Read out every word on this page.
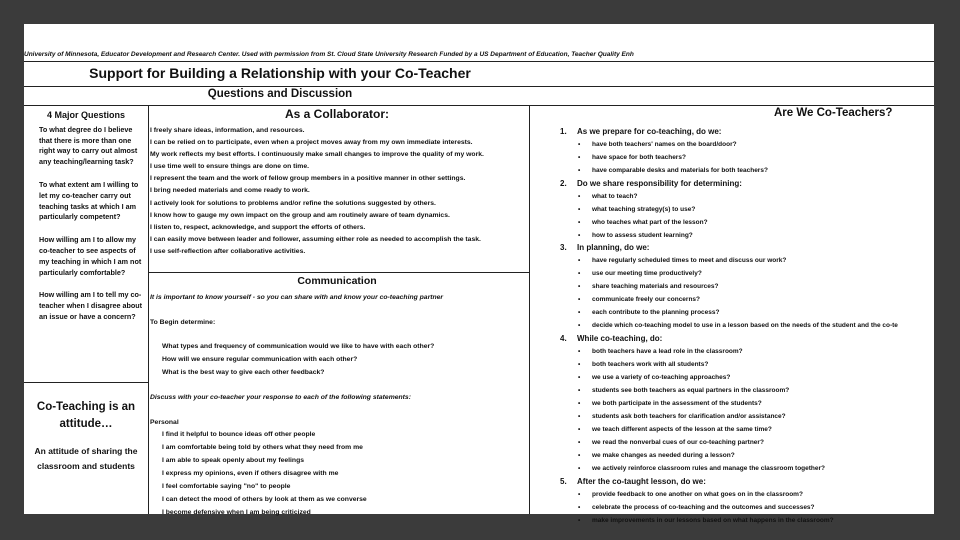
University of Minnesota, Educator Development and Research Center. Used with permission from St. Cloud State University Research Funded by a US Department of Education, Teacher Quality Enh
Support for Building a Relationship with your Co-Teacher
Questions and Discussion
4 Major Questions

To what degree do I believe that there is more than one right way to carry out almost any teaching/learning task?

To what extent am I willing to let my co-teacher carry out teaching tasks at which I am particularly competent?

How willing am I to allow my co-teacher to see aspects of my teaching in which I am not particularly comfortable?

How willing am I to tell my co-teacher when I disagree about an issue or have a concern?

Co-Teaching is an
attitude…
An attitude of sharing the classroom and students
As a Collaborator:
I freely share ideas, information, and resources.
I can be relied on to participate, even when a project moves away from my own immediate interests.
My work reflects my best efforts. I continuously make small changes to improve the quality of my work.
I use time well to ensure things are done on time.
I represent the team and the work of fellow group members in a positive manner in other settings.
I bring needed materials and come ready to work.
I actively look for solutions to problems and/or refine the solutions suggested by others.
I know how to gauge my own impact on the group and am routinely aware of team dynamics.
I listen to, respect, acknowledge, and support the efforts of others.
I can easily move between leader and follower, assuming either role as needed to accomplish the task.
I use self-reflection after collaborative activities.
Communication
It is important to know yourself - so you can share with and know your co-teaching partner
To Begin determine:
What types and frequency of communication would we like to have with each other?
How will we ensure regular communication with each other?
What is the best way to give each other feedback?
Discuss with your co-teacher your response to each of the following statements:
Personal
I find it helpful to bounce ideas off other people
I am comfortable being told by others what they need from me
I am able to speak openly about my feelings
I express my opinions, even if others disagree with me
I feel comfortable saying "no" to people
I can detect the mood of others by look at them as we converse
I become defensive when I am being criticized
Are We Co-Teachers?
1. As we prepare for co-teaching, do we:
• have both teachers' names on the board/door?
• have space for both teachers?
• have comparable desks and materials for both teachers?
2. Do we share responsibility for determining:
• what to teach?
• what teaching strategy(s) to use?
• who teaches what part of the lesson?
• how to assess student learning?
3. In planning, do we:
• have regularly scheduled times to meet and discuss our work?
• use our meeting time productively?
• share teaching materials and resources?
• communicate freely our concerns?
• each contribute to the planning process?
• decide which co-teaching model to use in a lesson based on the needs of the student and the co-te
4. While co-teaching, do:
• both teachers have a lead role in the classroom?
• both teachers work with all students?
• we use a variety of co-teaching approaches?
• students see both teachers as equal partners in the classroom?
• we both participate in the assessment of the students?
• students ask both teachers for clarification and/or assistance?
• we teach different aspects of the lesson at the same time?
• we read the nonverbal cues of our co-teaching partner?
• we make changes as needed during a lesson?
• we actively reinforce classroom rules and manage the classroom together?
5. After the co-taught lesson, do we:
• provide feedback to one another on what goes on in the classroom?
• celebrate the process of co-teaching and the outcomes and successes?
• make improvements in our lessons based on what happens in the classroom?
